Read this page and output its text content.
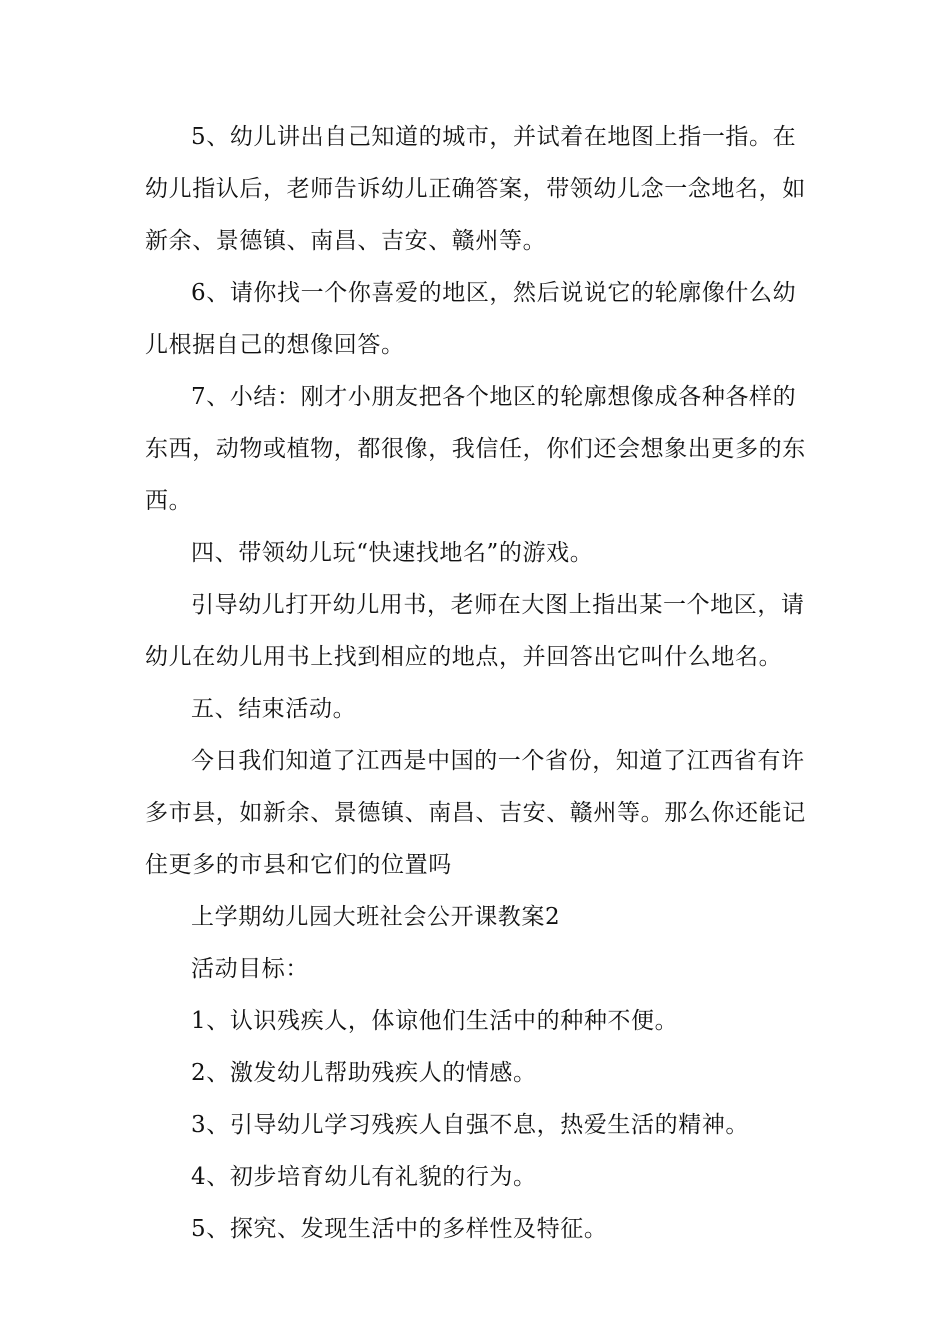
5、幼儿讲出自己知道的城市，并试着在地图上指一指。在幼儿指认后，老师告诉幼儿正确答案，带领幼儿念一念地名，如新余、景德镇、南昌、吉安、赣州等。

6、请你找一个你喜爱的地区，然后说说它的轮廓像什么幼儿根据自己的想像回答。

7、小结：刚才小朋友把各个地区的轮廓想像成各种各样的东西，动物或植物，都很像，我信任，你们还会想象出更多的东西。

四、带领幼儿玩“快速找地名”的游戏。

引导幼儿打开幼儿用书，老师在大图上指出某一个地区，请幼儿在幼儿用书上找到相应的地点，并回答出它叫什么地名。

五、结束活动。

今日我们知道了江西是中国的一个省份，知道了江西省有许多市县，如新余、景德镇、南昌、吉安、赣州等。那么你还能记住更多的市县和它们的位置吗

上学期幼儿园大班社会公开课教案2

活动目标：

1、认识残疾人，体谅他们生活中的种种不便。

2、激发幼儿帮助残疾人的情感。

3、引导幼儿学习残疾人自强不息，热爱生活的精神。

4、初步培育幼儿有礼貌的行为。

5、探究、发现生活中的多样性及特征。
